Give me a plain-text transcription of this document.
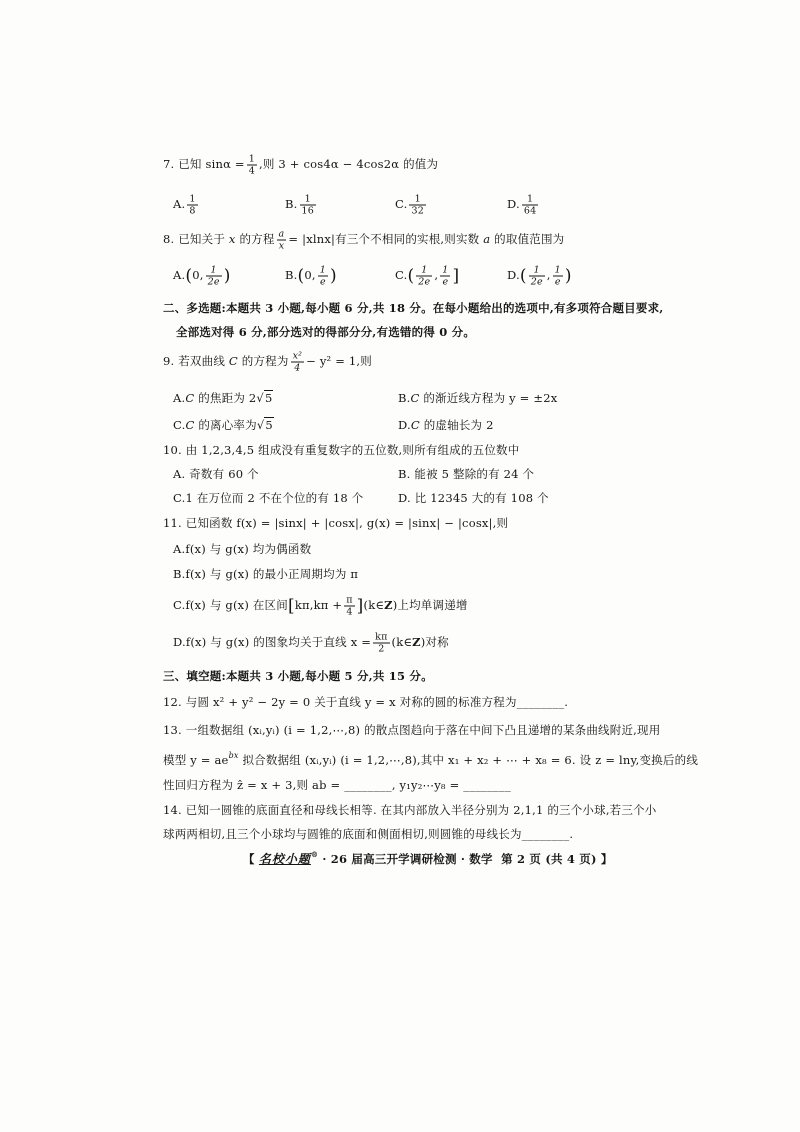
7. 已知 $\sin\alpha = \frac{1}{4}$ ,则 3 + cos4α − 4cos2α 的值为
A. $\frac{1}{8}$	B. $\frac{1}{16}$	C. $\frac{1}{32}$	D. $\frac{1}{64}$
8. 已知关于 x 的方程 $\frac{a}{x} = |xlnx|$有三个不相同的实根,则实数 a 的取值范围为
A.(0, $\frac{1}{2e}$ )	B.(0, $\frac{1}{e}$ )	$C.( \frac{1}{2e}$ , $\frac{1}{e}$ ]	$D.( \frac{1}{2e}$ , $\frac{1}{e}$ )
二、多选题:本题共 3 小题,每小题 6 分,共 18 分。在每小题给出的选项中,有多项符合题目要求,
全部选对得 6 分,部分选对的得部分分,有选错的得 0 分。
9. 若双曲线 C 的方程为 $\frac{\text{x²}}{4} - y^2 = 1$,则
A.C 的焦距为 2√5	B.C 的渐近线方程为 y = ±2x
C.C 的离心率为√5	D.C 的虚轴长为 2
10. 由 1,2,3,4,5 组成没有重复数字的五位数,则所有组成的五位数中
A. 奇数有 60 个	B. 能被 5 整除的有 24 个
C.1 在万位而 2 不在个位的有 18 个	D. 比 12345 大的有 108 个
11. 已知函数 f(x) = |sinx| + |cosx|, g(x) = |sinx| − |cosx|,则
A.f(x) 与 g(x) 均为偶函数
B.f(x) 与 g(x) 的最小正周期均为 π
C.f(x) 与 g(x) 在区间[$k\pi,k\pi + \frac{\pi}{4}$ ](k∈Z)上均单调递增
D.f(x) 与 g(x) 的图象均关于直线 $x = \frac{k\pi}{2}$ (k∈Z)对称
三、填空题:本题共 3 小题,每小题 5 分,共 15 分。
12. 与圆 x² + y² − 2y = 0 关于直线 y = x 对称的圆的标准方程为________.
13. 一组数据组 (xᵢ,yᵢ) (i = 1,2,⋯,8) 的散点图趋向于落在中间下凸且递增的某条曲线附近,现用
模型 $y = ae^{bx}$ 拟合数据组 (xᵢ,yᵢ) (i = 1,2,⋯,8),其中 x₁ + x₂ + ⋯ + x₈ = 6. 设 z = lny,变换后的线
性回归方程为 ẑ = x + 3,则 ab = ________, y₁y₂⋯y₈ = ________
14. 已知一圆锥的底面直径和母线长相等. 在其内部放入半径分别为 2,1,1 的三个小球,若三个小
球两两相切,且三个小球均与圆锥的底面和侧面相切,则圆锥的母线长为________.
【 名校小题® · 26 届高三开学调研检测 · 数学 第 2 页 (共 4 页) 】
